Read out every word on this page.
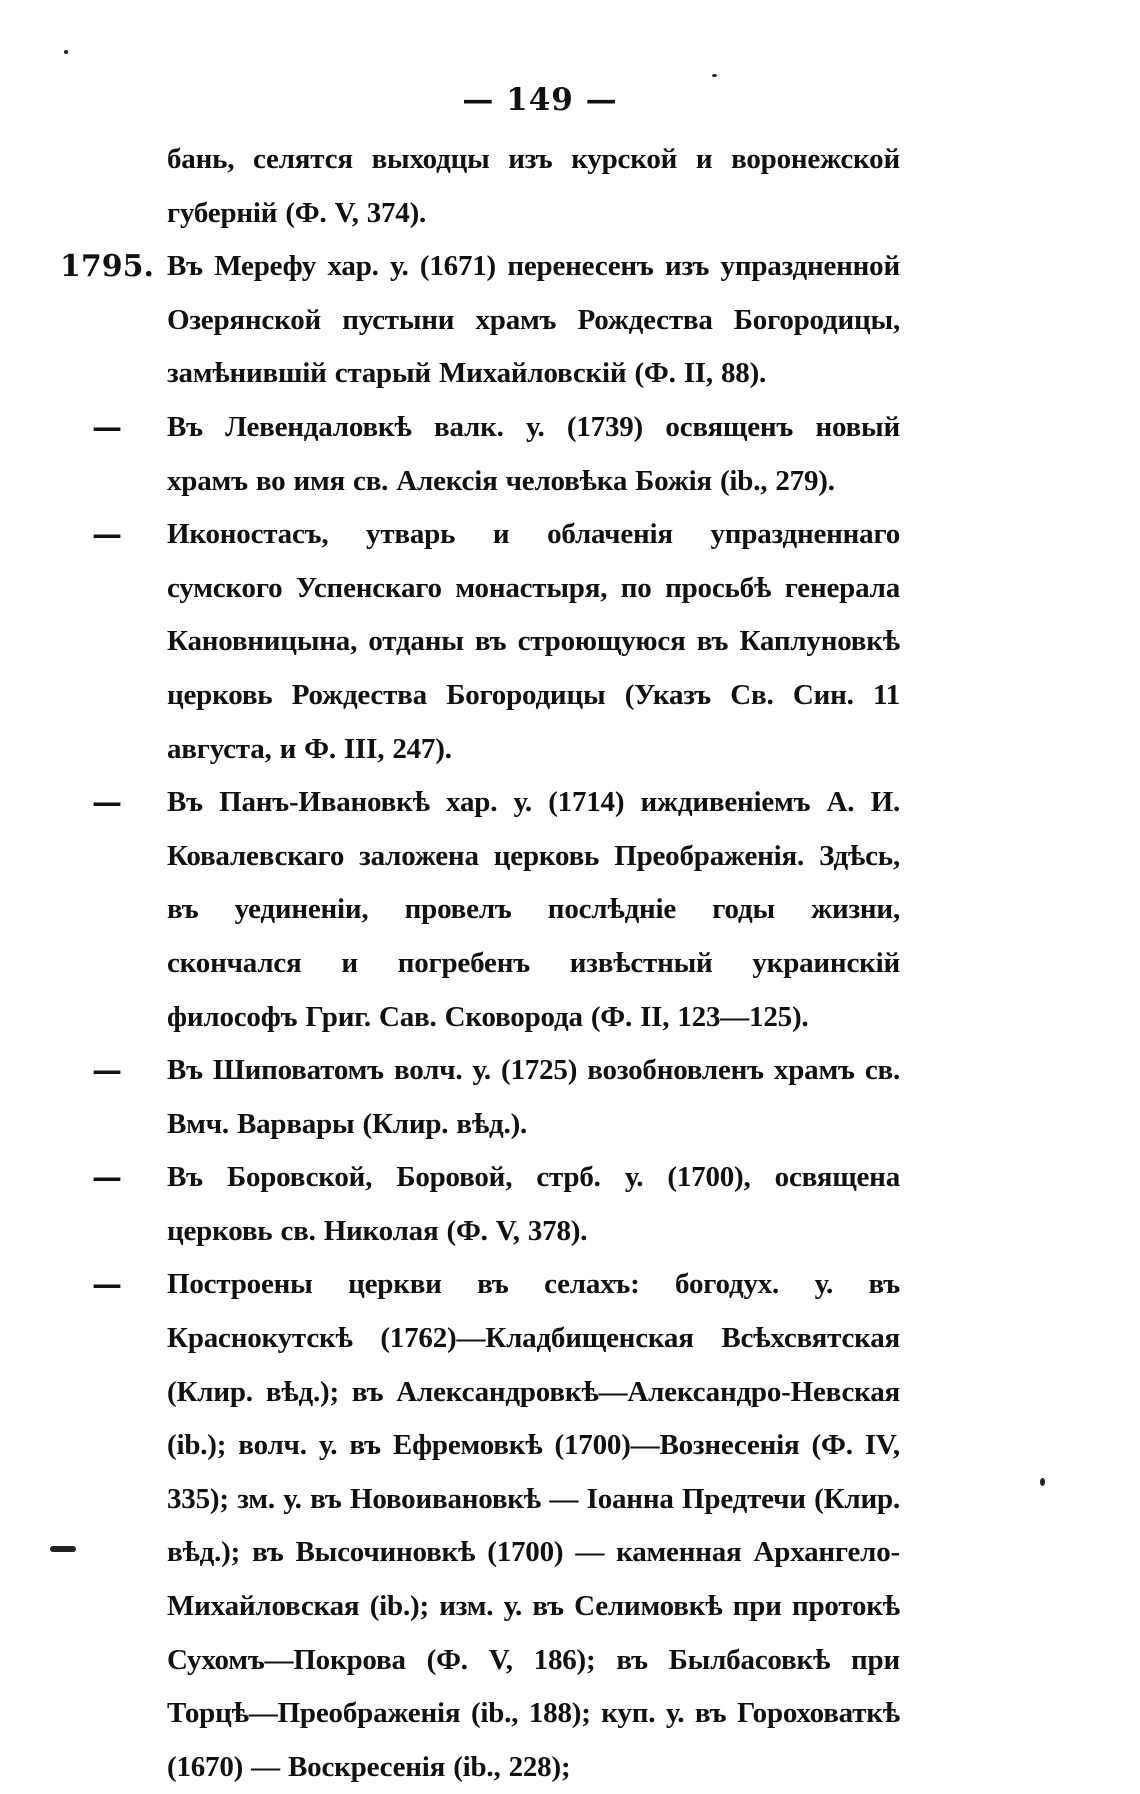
— 149 —
бань, селятся выходцы изъ курской и воронежской губерній (Ф. V, 374).
1795. Въ Мерефу хар. у. (1671) перенесенъ изъ упраздненной Озерянской пустыни храмъ Рождества Богородицы, замѣнившій старый Михайловскій (Ф. II, 88).
—	Въ Левендаловкѣ валк. у. (1739) освященъ новый храмъ во имя св. Алексія человѣка Божія (ib., 279).
—	Иконостасъ, утварь и облаченія упраздненнаго сумского Успенскаго монастыря, по просьбѣ генерала Кановницына, отданы въ строющуюся въ Каплуновкѣ церковь Рождества Богородицы (Указъ Св. Син. 11 августа, и Ф. III, 247).
—	Въ Панъ-Ивановкѣ хар. у. (1714) иждивеніемъ А. И. Ковалевскаго заложена церковь Преображенія. Здѣсь, въ уединеніи, провелъ послѣдніе годы жизни, скончался и погребенъ извѣстный украинскій философъ Григ. Сав. Сковорода (Ф. II, 123—125).
—	Въ Шиповатомъ волч. у. (1725) возобновленъ храмъ св. Вмч. Варвары (Клир. вѣд.).
—	Въ Боровской, Боровой, стрб. у. (1700), освящена церковь св. Николая (Ф. V, 378).
—	Построены церкви въ селахъ: богодух. у. въ Краснокутскѣ (1762)—Кладбищенская Всѣхсвятская (Клир. вѣд.); въ Александровкѣ—Александро-Невская (ib.); волч. у. въ Ефремовкѣ (1700)—Вознесенія (Ф. IV, 335); зм. у. въ Новоивановкѣ — Іоанна Предтечи (Клир. вѣд.); въ Высочиновкѣ (1700) — каменная Архангело-Михайловская (ib.); изм. у. въ Селимовкѣ при протокѣ Сухомъ—Покрова (Ф. V, 186); въ Былбасовкѣ при Торцѣ—Преображенія (ib., 188); куп. у. въ Гороховаткѣ (1670) — Воскресенія (ib., 228);
